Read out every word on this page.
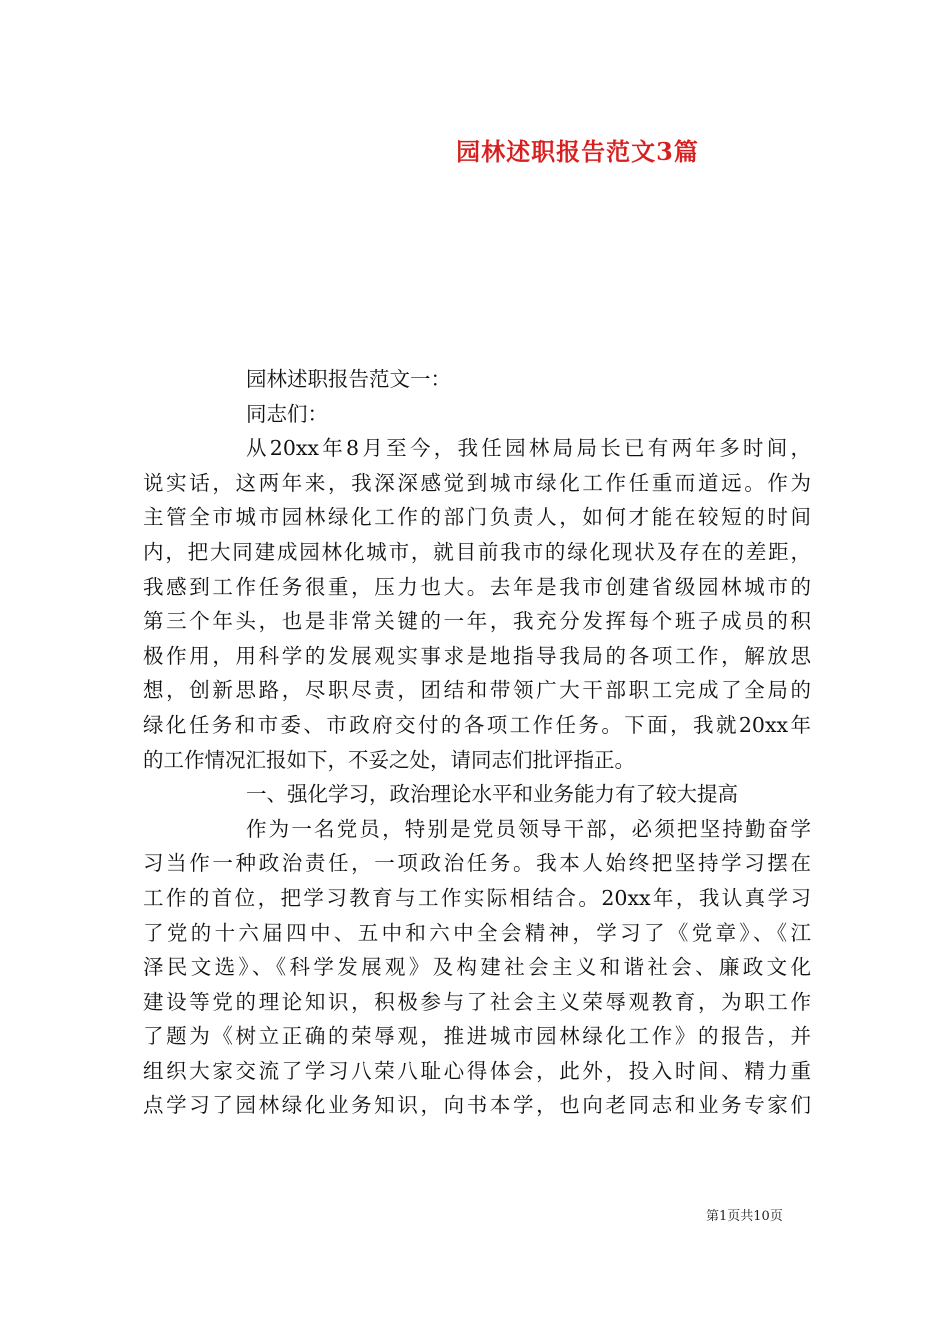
园林述职报告范文3篇
园林述职报告范文一：
同志们：
从20xx年8月至今，我任园林局局长已有两年多时间，
说实话，这两年来，我深深感觉到城市绿化工作任重而道远。作为
主管全市城市园林绿化工作的部门负责人，如何才能在较短的时间
内，把大同建成园林化城市，就目前我市的绿化现状及存在的差距，
我感到工作任务很重，压力也大。去年是我市创建省级园林城市的
第三个年头，也是非常关键的一年，我充分发挥每个班子成员的积
极作用，用科学的发展观实事求是地指导我局的各项工作，解放思
想，创新思路，尽职尽责，团结和带领广大干部职工完成了全局的
绿化任务和市委、市政府交付的各项工作任务。下面，我就20xx年
的工作情况汇报如下，不妥之处，请同志们批评指正。
一、强化学习，政治理论水平和业务能力有了较大提高
作为一名党员，特别是党员领导干部，必须把坚持勤奋学
习当作一种政治责任，一项政治任务。我本人始终把坚持学习摆在
工作的首位，把学习教育与工作实际相结合。20xx年，我认真学习
了党的十六届四中、五中和六中全会精神，学习了《党章》、《江
泽民文选》、《科学发展观》及构建社会主义和谐社会、廉政文化
建设等党的理论知识，积极参与了社会主义荣辱观教育，为职工作
了题为《树立正确的荣辱观，推进城市园林绿化工作》的报告，并
组织大家交流了学习八荣八耻心得体会，此外，投入时间、精力重
点学习了园林绿化业务知识，向书本学，也向老同志和业务专家们
第1页共10页
